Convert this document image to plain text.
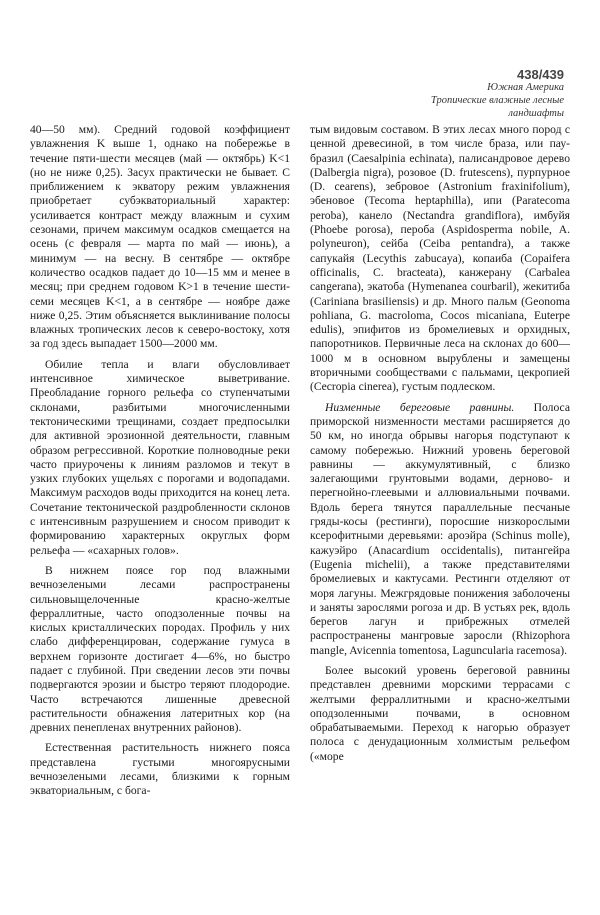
438/439
Южная Америка
Тропические влажные лесные
ландшафты

40—50 мм). Средний годовой коэффициент увлажнения K выше 1, однако на побережье в течение пяти-шести месяцев (май — октябрь) K<1 (но не ниже 0,25). Засух практически не бывает. С приближением к экватору режим увлажнения приобретает субэкваториальный характер: усиливается контраст между влажным и сухим сезонами, причем максимум осадков смещается на осень (с февраля — марта по май — июнь), а минимум — на весну. В сентябре — октябре количество осадков падает до 10—15 мм и менее в месяц; при среднем годовом K>1 в течение шести-семи месяцев K<1, а в сентябре — ноябре даже ниже 0,25. Этим объясняется выклинивание полосы влажных тропических лесов к северо-востоку, хотя за год здесь выпадает 1500—2000 мм.

Обилие тепла и влаги обусловливает интенсивное химическое выветривание. Преобладание горного рельефа со ступенчатыми склонами, разбитыми многочисленными тектоническими трещинами, создает предпосылки для активной эрозионной деятельности, главным образом регрессивной. Короткие полноводные реки часто приурочены к линиям разломов и текут в узких глубоких ущельях с порогами и водопадами. Максимум расходов воды приходится на конец лета. Сочетание тектонической раздробленности склонов с интенсивным разрушением и сносом приводит к формированию характерных округлых форм рельефа — «сахарных голов».

В нижнем поясе гор под влажными вечнозелеными лесами распространены сильновыщелоченные красно-желтые ферраллитные, часто оподзоленные почвы на кислых кристаллических породах. Профиль у них слабо дифференцирован, содержание гумуса в верхнем горизонте достигает 4—6%, но быстро падает с глубиной. При сведении лесов эти почвы подвергаются эрозии и быстро теряют плодородие. Часто встречаются лишенные древесной растительности обнажения латеритных кор (на древних пенепленах внутренних районов).

Естественная растительность нижнего пояса представлена густыми многоярусными вечнозелеными лесами, близкими к горным экваториальным, с бога-

тым видовым составом. В этих лесах много пород с ценной древесиной, в том числе браза, или пау-бразил (Caesalpinia echinata), палисандровое дерево (Dalbergia nigra), розовое (D. frutescens), пурпурное (D. cearens), зебровое (Astronium fraxinifolium), эбеновое (Tecoma heptaphilla), ипи (Paratecoma peroba), канело (Nectandra grandiflora), имбуйя (Phoebe porosa), пероба (Aspidosperma nobile, A. polyneuron), сейба (Ceiba pentandra), а также сапукайя (Lecythis zabucaya), копаиба (Copaifera officinalis, C. bracteata), канжерану (Carbalea cangerana), экатоба (Hymenanea courbaril), жекитиба (Cariniana brasiliensis) и др. Много пальм (Geonoma pohliana, G. macroloma, Cocos micaniana, Euterpe edulis), эпифитов из бромелиевых и орхидных, папоротников. Первичные леса на склонах до 600—1000 м в основном вырублены и замещены вторичными сообществами с пальмами, цекропией (Cecropia cinerea), густым подлеском.

Низменные береговые равнины. Полоса приморской низменности местами расширяется до 50 км, но иногда обрывы нагорья подступают к самому побережью. Нижний уровень береговой равнины — аккумулятивный, с близко залегающими грунтовыми водами, дерново- и перегнойно-глеевыми и аллювиальными почвами. Вдоль берега тянутся параллельные песчаные гряды-косы (рестинги), поросшие низкорослыми ксерофитными деревьями: ароэйра (Schinus molle), кажуэйро (Anacardium occidentalis), питангейра (Eugenia michelii), а также представителями бромелиевых и кактусами. Рестинги отделяют от моря лагуны. Межгрядовые понижения заболочены и заняты зарослями рогоза и др. В устьях рек, вдоль берегов лагун и прибрежных отмелей распространены мангровые заросли (Rhizophora mangle, Avicennia tomentosa, Laguncularia racemosa).

Более высокий уровень береговой равнины представлен древними морскими террасами с желтыми ферраллитными и красно-желтыми оподзоленными почвами, в основном обрабатываемыми. Переход к нагорью образует полоса с денудационным холмистым рельефом («море
